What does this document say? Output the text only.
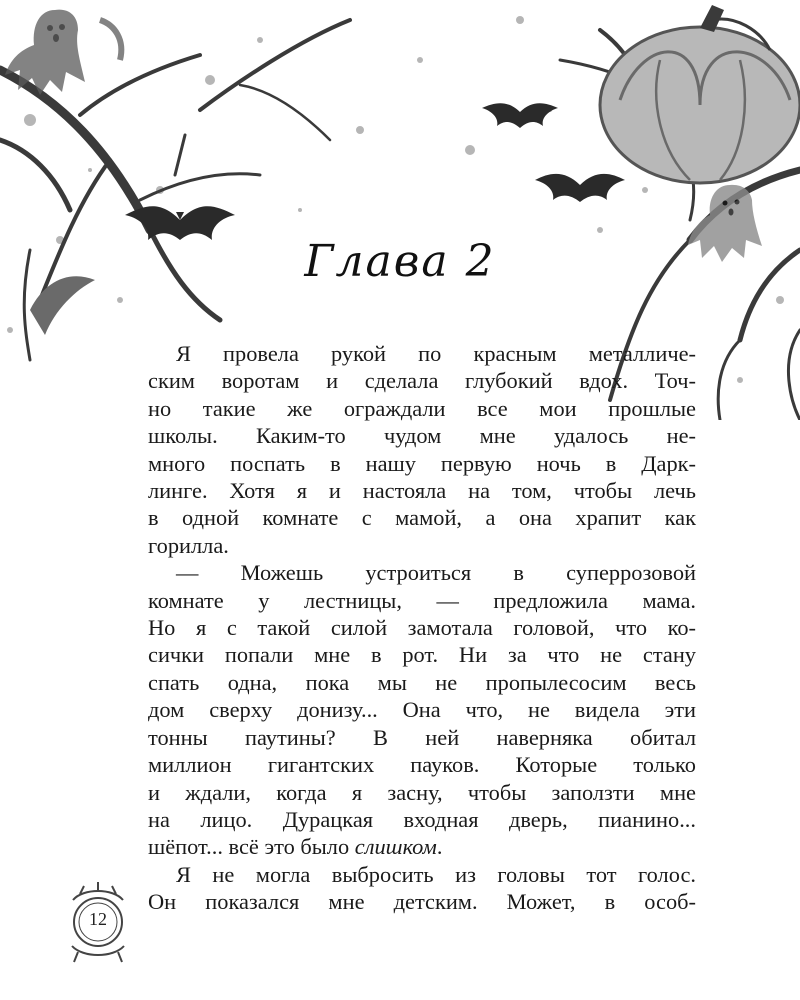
Глава 2
Я провела рукой по красным металличе-
ским воротам и сделала глубокий вдох. Точ-
но такие же ограждали все мои прошлые
школы. Каким-то чудом мне удалось не-
много поспать в нашу первую ночь в Дарк-
линге. Хотя я и настояла на том, чтобы лечь
в одной комнате с мамой, а она храпит как
горилла.
— Можешь устроиться в суперрозовой
комнате у лестницы, — предложила мама.
Но я с такой силой замотала головой, что ко-
сички попали мне в рот. Ни за что не стану
спать одна, пока мы не пропылесосим весь
дом сверху донизу... Она что, не видела эти
тонны паутины? В ней наверняка обитал
миллион гигантских пауков. Которые только
и ждали, когда я засну, чтобы заползти мне
на лицо. Дурацкая входная дверь, пианино...
шёпот... всё это было слишком.
Я не могла выбросить из головы тот голос.
Он показался мне детским. Может, в особ-
12
